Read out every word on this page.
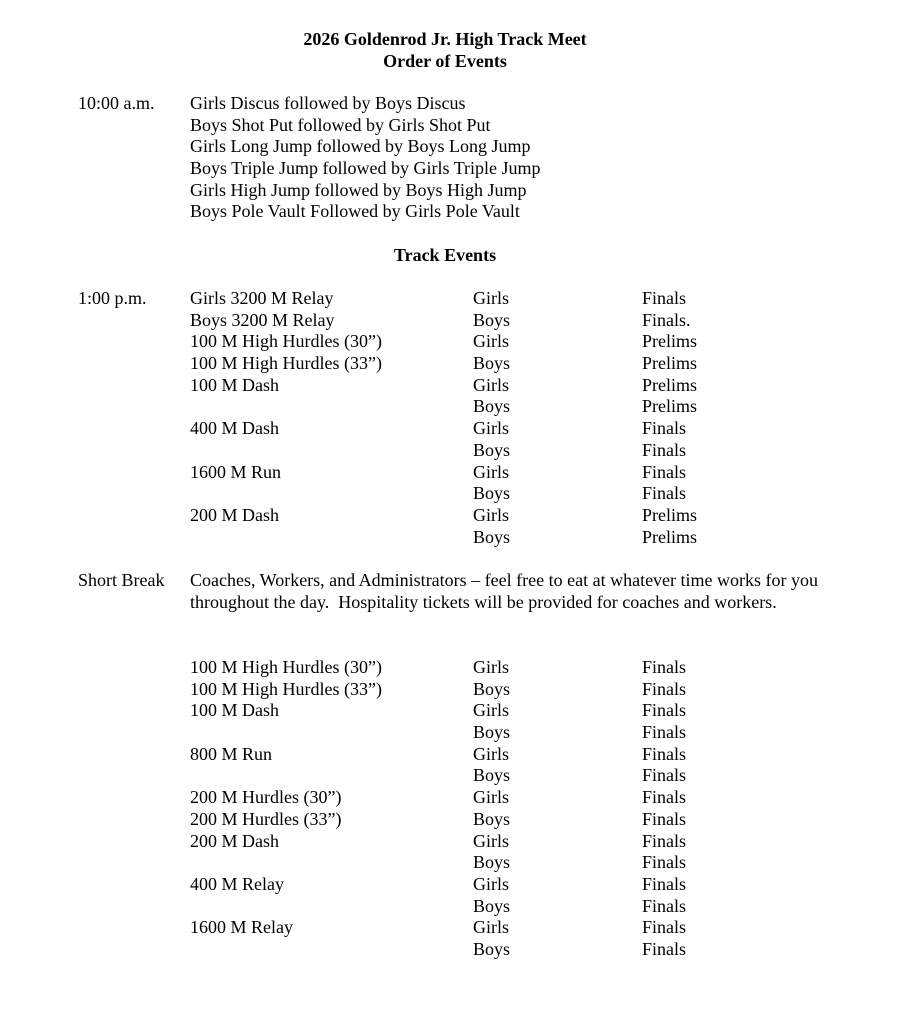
2026 Goldenrod Jr. High Track Meet
Order of Events
10:00 a.m. Girls Discus followed by Boys Discus
Boys Shot Put followed by Girls Shot Put
Girls Long Jump followed by Boys Long Jump
Boys Triple Jump followed by Girls Triple Jump
Girls High Jump followed by Boys High Jump
Boys Pole Vault Followed by Girls Pole Vault
Track Events
1:00 p.m. Girls 3200 M Relay	Girls	Finals
Boys 3200 M Relay	Boys	Finals.
100 M High Hurdles (30”)	Girls	Prelims
100 M High Hurdles (33”)	Boys	Prelims
100 M Dash	Girls	Prelims
Boys	Prelims
400 M Dash	Girls	Finals
Boys	Finals
1600 M Run	Girls	Finals
Boys	Finals
200 M Dash	Girls	Prelims
Boys	Prelims
Short Break Coaches, Workers, and Administrators – feel free to eat at whatever time works for you throughout the day.  Hospitality tickets will be provided for coaches and workers.
100 M High Hurdles (30”)	Girls	Finals
100 M High Hurdles (33”)	Boys	Finals
100 M Dash	Girls	Finals
Boys	Finals
800 M Run	Girls	Finals
Boys	Finals
200 M Hurdles (30”)	Girls	Finals
200 M Hurdles (33”)	Boys	Finals
200 M Dash	Girls	Finals
Boys	Finals
400 M Relay	Girls	Finals
Boys	Finals
1600 M Relay	Girls	Finals
Boys	Finals
